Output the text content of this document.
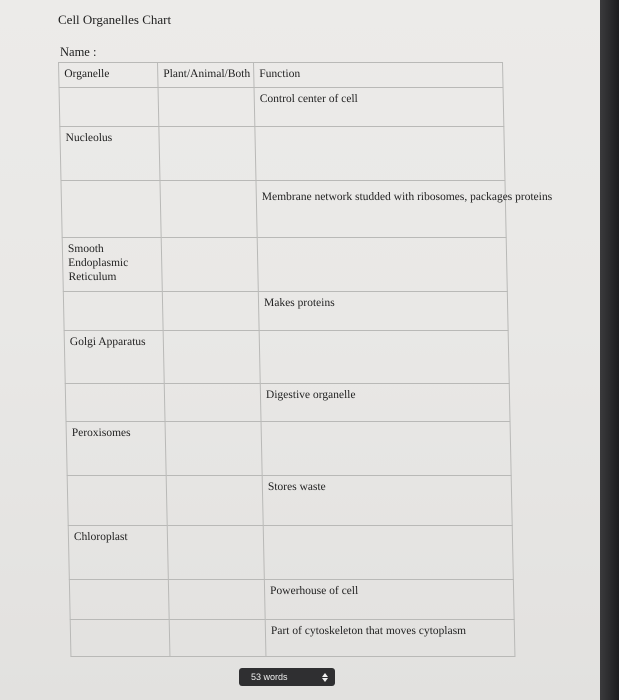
Cell Organelles Chart
Name :
Organelle	Plant/Animal/Both	Function
		Control center of cell
Nucleolus		
		Membrane network studded with ribosomes, packages proteins
Smooth Endoplasmic Reticulum		
		Makes proteins
Golgi Apparatus		
		Digestive organelle
Peroxisomes		
		Stores waste
Chloroplast		
		Powerhouse of cell
		Part of cytoskeleton that moves cytoplasm
53 words
